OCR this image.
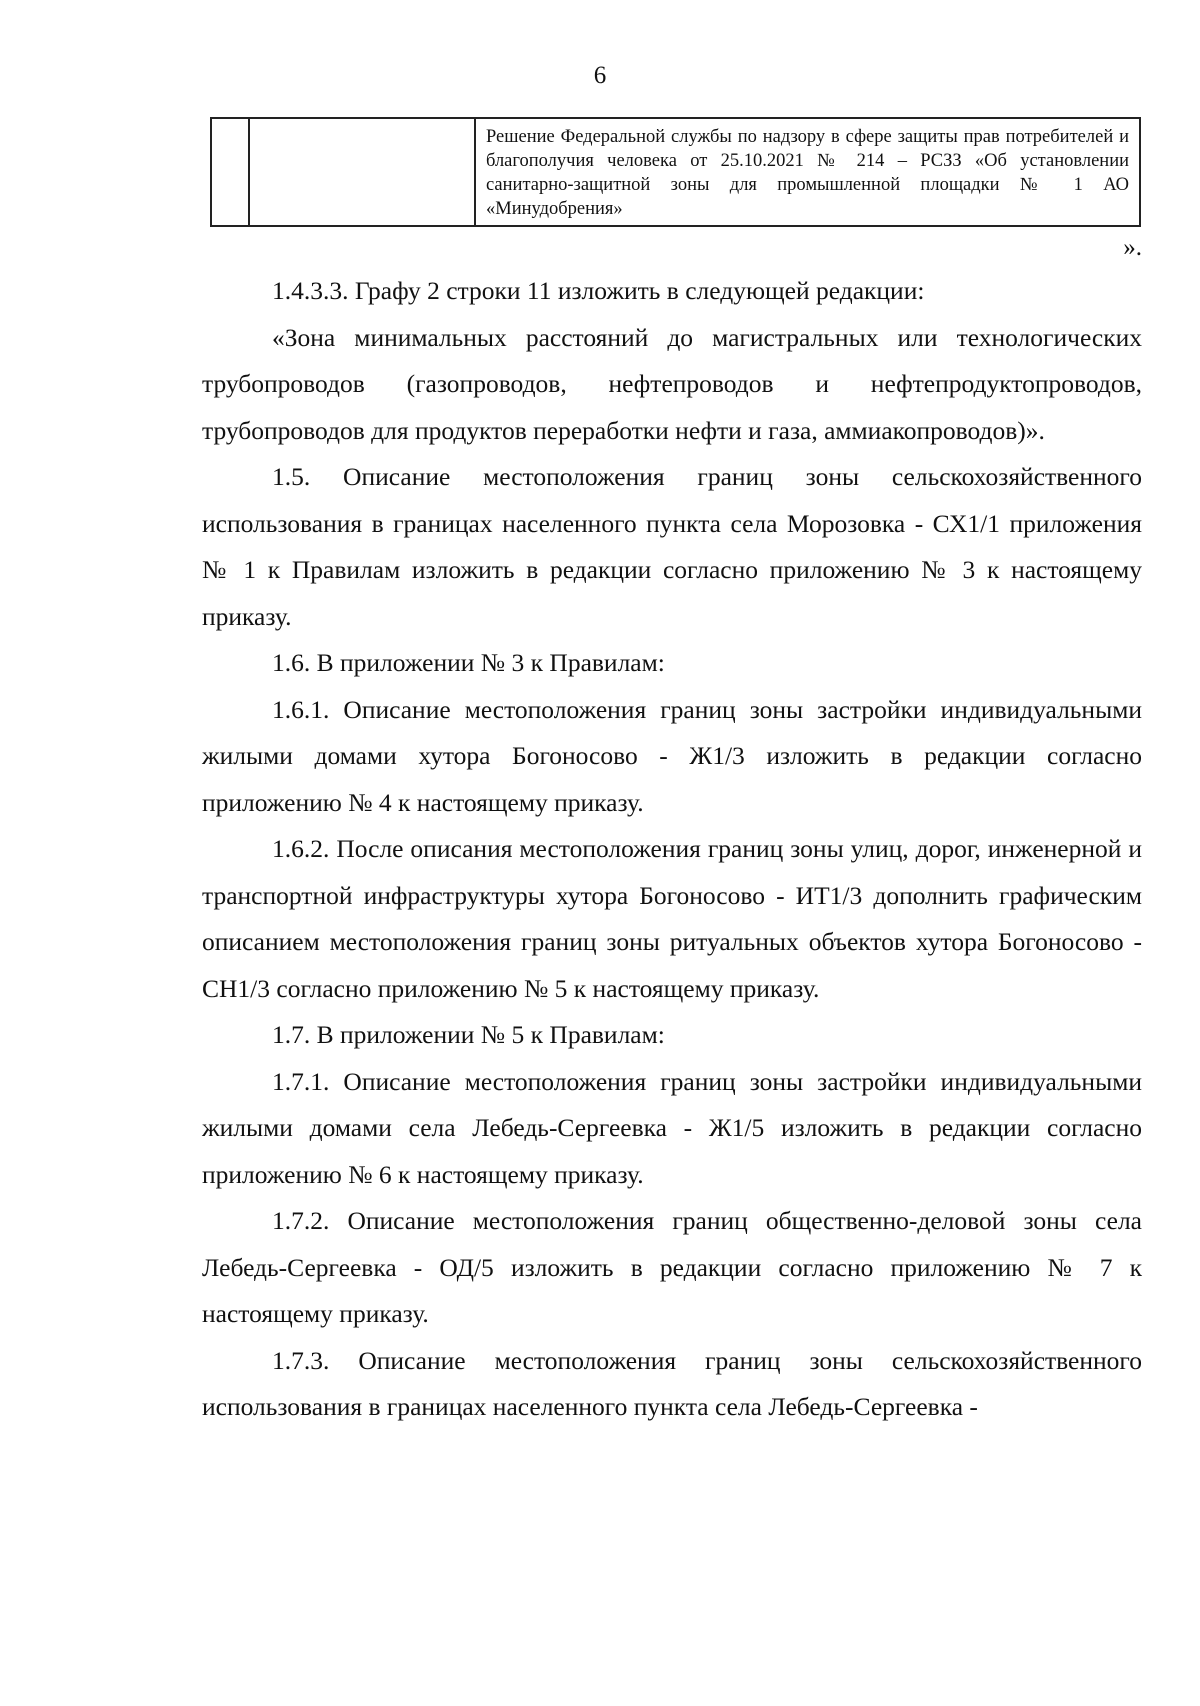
6
		Решение Федеральной службы по надзору в сфере защиты прав потребителей и благополучия человека от 25.10.2021 № 214 – РСЗЗ «Об установлении санитарно-защитной зоны для промышленной площадки № 1 АО «Минудобрения»
».

1.4.3.3. Графу 2 строки 11 изложить в следующей редакции:

«Зона минимальных расстояний до магистральных или технологических трубопроводов (газопроводов, нефтепроводов и нефтепродуктопроводов, трубопроводов для продуктов переработки нефти и газа, аммиакопроводов)».

1.5. Описание местоположения границ зоны сельскохозяйственного использования в границах населенного пункта села Морозовка - СХ1/1 приложения № 1 к Правилам изложить в редакции согласно приложению № 3 к настоящему приказу.

1.6. В приложении № 3 к Правилам:

1.6.1. Описание местоположения границ зоны застройки индивидуальными жилыми домами хутора Богоносово - Ж1/3 изложить в редакции согласно приложению № 4 к настоящему приказу.

1.6.2. После описания местоположения границ зоны улиц, дорог, инженерной и транспортной инфраструктуры хутора Богоносово - ИТ1/3 дополнить графическим описанием местоположения границ зоны ритуальных объектов хутора Богоносово - СН1/3 согласно приложению № 5 к настоящему приказу.

1.7. В приложении № 5 к Правилам:

1.7.1. Описание местоположения границ зоны застройки индивидуальными жилыми домами села Лебедь-Сергеевка - Ж1/5 изложить в редакции согласно приложению № 6 к настоящему приказу.

1.7.2. Описание местоположения границ общественно-деловой зоны села Лебедь-Сергеевка - ОД/5 изложить в редакции согласно приложению № 7 к настоящему приказу.

1.7.3. Описание местоположения границ зоны сельскохозяйственного использования в границах населенного пункта села Лебедь-Сергеевка -
